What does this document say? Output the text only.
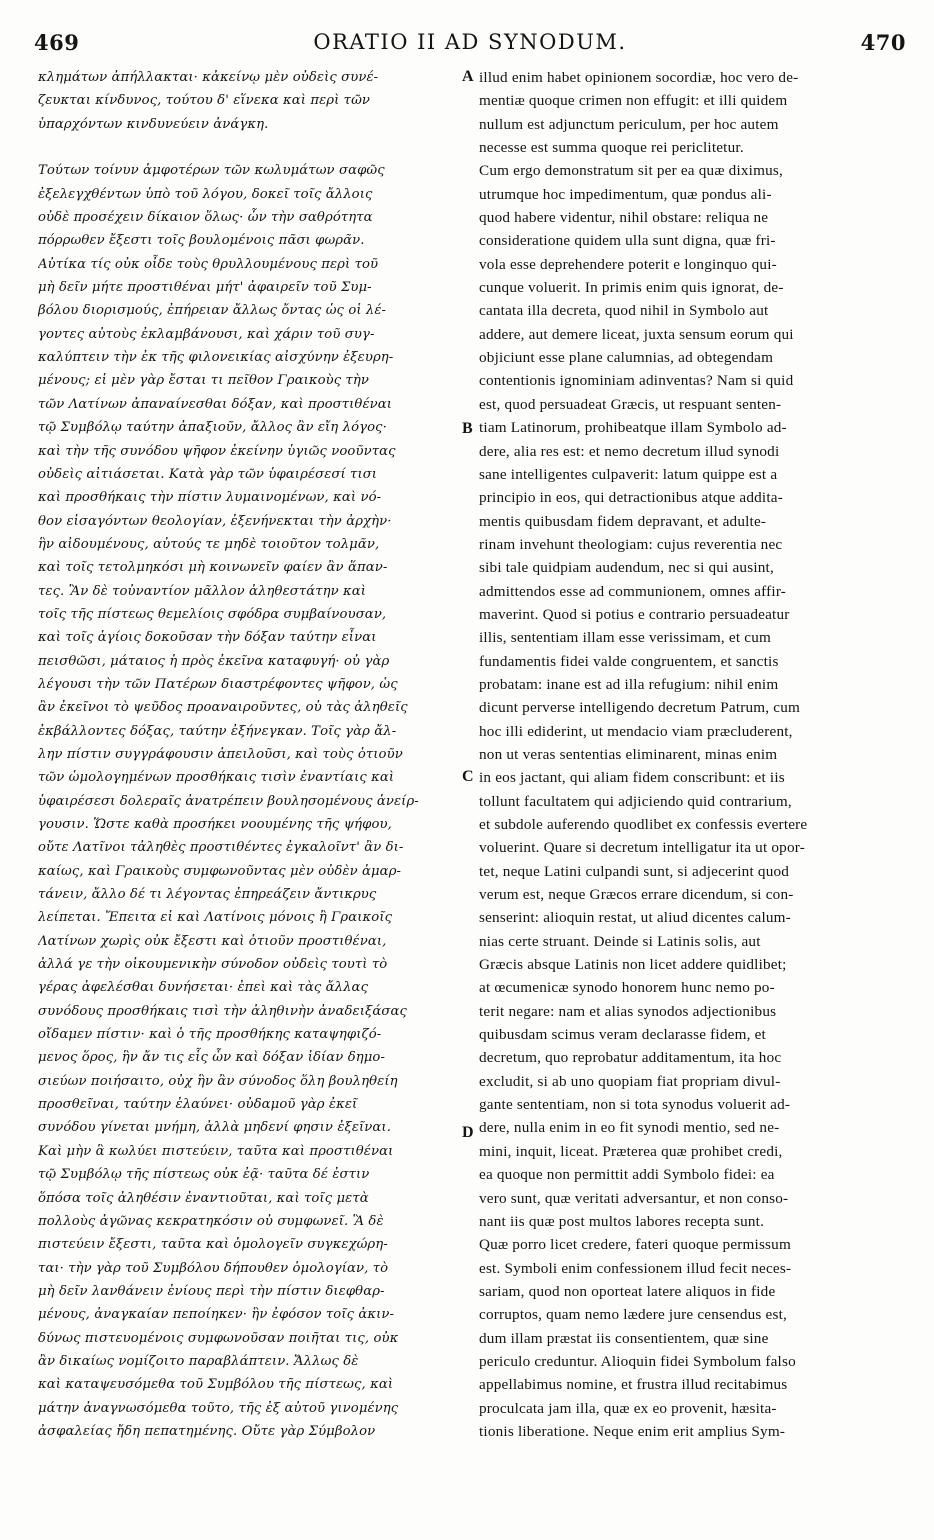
469	ORATIO II AD SYNODUM.	470
κλημάτων ἀπήλλακται· κἀκείνῳ μὲν οὐδεὶς συνέ-
ζευκται κίνδυνος, τούτου δ' εἵνεκα καὶ περὶ τῶν
ὑπαρχόντων κινδυνεύειν ἀνάγκη.
Τούτων τοίνυν ἀμφοτέρων τῶν κωλυμάτων σαφῶς
ἐξελεγχθέντων ὑπὸ τοῦ λόγου, δοκεῖ τοῖς ἄλλοις
οὐδὲ προσέχειν δίκαιον ὅλως· ὧν τὴν σαθρότητα
πόρρωθεν ἔξεστι τοῖς βουλομένοις πᾶσι φωρᾶν.
Αὐτίκα τίς οὐκ οἶδε τοὺς θρυλλουμένους περὶ τοῦ
μὴ δεῖν μήτε προστιθέναι μήτ' ἀφαιρεῖν τοῦ Συμ-
βόλου διορισμούς, ἐπήρειαν ἄλλως ὄντας ὡς οἱ λέ-
γοντες αὐτοὺς ἐκλαμβάνουσι, καὶ χάριν τοῦ συγ-
καλύπτειν τὴν ἐκ τῆς φιλονεικίας αἰσχύνην ἐξευρη-
μένους; εἰ μὲν γὰρ ἔσται τι πεῖθον Γραικοὺς τὴν
τῶν Λατίνων ἀπαναίνεσθαι δόξαν, καὶ προστιθέναι
τῷ Συμβόλῳ ταύτην ἀπαξιοῦν, ἄλλος ἂν εἴη λόγος·
καὶ τὴν τῆς συνόδου ψῆφον ἐκείνην ὑγιῶς νοοῦντας
οὐδεὶς αἰτιάσεται. Κατὰ γὰρ τῶν ὑφαιρέσεσί τισι
καὶ προσθήκαις τὴν πίστιν λυμαινομένων, καὶ νό-
θον εἰσαγόντων θεολογίαν, ἐξενήνεκται τὴν ἀρχὴν·
ἣν αἰδουμένους, αὐτούς τε μηδὲ τοιοῦτον τολμᾶν,
καὶ τοῖς τετολμηκόσι μὴ κοινωνεῖν φαίεν ἂν ἅπαν-
τες. Ἂν δὲ τοὐναντίον μᾶλλον ἀληθεστάτην καὶ
τοῖς τῆς πίστεως θεμελίοις σφόδρα συμβαίνουσαν,
καὶ τοῖς ἁγίοις δοκοῦσαν τὴν δόξαν ταύτην εἶναι
πεισθῶσι, μάταιος ἡ πρὸς ἐκεῖνα καταφυγή· οὐ γὰρ
λέγουσι τὴν τῶν Πατέρων διαστρέφοντες ψῆφον, ὡς
ἂν ἐκεῖνοι τὸ ψεῦδος προαναιροῦντες, οὐ τὰς ἀληθεῖς
ἐκβάλλοντες δόξας, ταύτην ἐξήνεγκαν. Τοῖς γὰρ ἄλ-
λην πίστιν συγγράφουσιν ἀπειλοῦσι, καὶ τοὺς ὁτιοῦν
τῶν ὡμολογημένων προσθήκαις τισὶν ἐναντίαις καὶ
ὑφαιρέσεσι δολεραῖς ἀνατρέπειν βουλησομένους ἀνείρ-
γουσιν. Ὥστε καθὰ προσήκει νοουμένης τῆς ψήφου,
οὔτε Λατῖνοι τἀληθὲς προστιθέντες ἐγκαλοῖντ' ἂν δι-
καίως, καὶ Γραικοὺς συμφωνοῦντας μὲν οὐδὲν ἁμαρ-
τάνειν, ἄλλο δέ τι λέγοντας ἐπηρεάζειν ἄντικρυς
λείπεται. Ἔπειτα εἰ καὶ Λατίνοις μόνοις ἢ Γραικοῖς
Λατίνων χωρὶς οὐκ ἔξεστι καὶ ὁτιοῦν προστιθέναι,
ἀλλά γε τὴν οἰκουμενικὴν σύνοδον οὐδεὶς τουτὶ τὸ
γέρας ἀφελέσθαι δυνήσεται· ἐπεὶ καὶ τὰς ἄλλας
συνόδους προσθήκαις τισὶ τὴν ἀληθινὴν ἀναδειξάσας
οἴδαμεν πίστιν· καὶ ὁ τῆς προσθήκης καταψηφιζό-
μενος ὅρος, ἣν ἄν τις εἷς ὧν καὶ δόξαν ἰδίαν δημο-
σιεύων ποιήσαιτο, οὐχ ἣν ἂν σύνοδος ὅλη βουληθείη
προσθεῖναι, ταύτην ἐλαύνει· οὐδαμοῦ γὰρ ἐκεῖ
συνόδου γίνεται μνήμη, ἀλλὰ μηδενί φησιν ἐξεῖναι.
Καὶ μὴν ἃ κωλύει πιστεύειν, ταῦτα καὶ προστιθέναι
τῷ Συμβόλῳ τῆς πίστεως οὐκ ἐᾷ· ταῦτα δέ ἐστιν
ὅπόσα τοῖς ἀληθέσιν ἐναντιοῦται, καὶ τοῖς μετὰ
πολλοὺς ἀγῶνας κεκρατηκόσιν οὐ συμφωνεῖ. Ἃ δὲ
πιστεύειν ἔξεστι, ταῦτα καὶ ὁμολογεῖν συγκεχώρη-
ται· τὴν γὰρ τοῦ Συμβόλου δήπουθεν ὁμολογίαν, τὸ
μὴ δεῖν λανθάνειν ἐνίους περὶ τὴν πίστιν διεφθαρ-
μένους, ἀναγκαίαν πεποίηκεν· ἣν ἐφόσον τοῖς ἀκιν-
δύνως πιστευομένοις συμφωνοῦσαν ποιῆται τις, οὐκ
ἂν δικαίως νομίζοιτο παραβλάπτειν. Ἄλλως δὲ
καὶ καταψευσόμεθα τοῦ Συμβόλου τῆς πίστεως, καὶ
μάτην ἀναγνωσόμεθα τοῦτο, τῆς ἐξ αὐτοῦ γινομένης
ἀσφαλείας ἤδη πεπατημένης. Οὔτε γὰρ Σύμβολον
A
B
C
D
illud enim habet opinionem socordiæ, hoc vero de-
mentiæ quoque crimen non effugit: et illi quidem
nullum est adjunctum periculum, per hoc autem
necesse est summa quoque rei periclitetur.
Cum ergo demonstratum sit per ea quæ diximus,
utrumque hoc impedimentum, quæ pondus ali-
quod habere videntur, nihil obstare: reliqua ne
consideratione quidem ulla sunt digna, quæ fri-
vola esse deprehendere poterit e longinquo qui-
cunque voluerit. In primis enim quis ignorat, de-
cantata illa decreta, quod nihil in Symbolo aut
addere, aut demere liceat, juxta sensum eorum qui
objiciunt esse plane calumnias, ad obtegendam
contentionis ignominiam adinventas? Nam si quid
est, quod persuadeat Græcis, ut respuant senten-
tiam Latinorum, prohibeatque illam Symbolo ad-
dere, alia res est: et nemo decretum illud synodi
sane intelligentes culpaverit: latum quippe est a
principio in eos, qui detractionibus atque addita-
mentis quibusdam fidem depravant, et adulte-
rinam invehunt theologiam: cujus reverentia nec
sibi tale quidpiam audendum, nec si qui ausint,
admittendos esse ad communionem, omnes affir-
maverint. Quod si potius e contrario persuadeatur
illis, sententiam illam esse verissimam, et cum
fundamentis fidei valde congruentem, et sanctis
probatam: inane est ad illa refugium: nihil enim
dicunt perverse intelligendo decretum Patrum, cum
hoc illi ediderint, ut mendacio viam præcluderent,
non ut veras sententias eliminarent, minas enim
in eos jactant, qui aliam fidem conscribunt: et iis
tollunt facultatem qui adjiciendo quid contrarium,
et subdole auferendo quodlibet ex confessis evertere
voluerint. Quare si decretum intelligatur ita ut opor-
tet, neque Latini culpandi sunt, si adjecerint quod
verum est, neque Græcos errare dicendum, si con-
senserint: alioquin restat, ut aliud dicentes calum-
nias certe struant. Deinde si Latinis solis, aut
Græcis absque Latinis non licet addere quidlibet;
at œcumenicæ synodo honorem hunc nemo po-
terit negare: nam et alias synodos adjectionibus
quibusdam scimus veram declarasse fidem, et
decretum, quo reprobatur additamentum, ita hoc
excludit, si ab uno quopiam fiat propriam divul-
gante sententiam, non si tota synodus voluerit ad-
dere, nulla enim in eo fit synodi mentio, sed ne-
mini, inquit, liceat. Præterea quæ prohibet credi,
ea quoque non permittit addi Symbolo fidei: ea
vero sunt, quæ veritati adversantur, et non conso-
nant iis quæ post multos labores recepta sunt.
Quæ porro licet credere, fateri quoque permissum
est. Symboli enim confessionem illud fecit neces-
sariam, quod non oporteat latere aliquos in fide
corruptos, quam nemo lædere jure censendus est,
dum illam præstat iis consentientem, quæ sine
periculo creduntur. Alioquin fidei Symbolum falso
appellabimus nomine, et frustra illud recitabimus
proculcata jam illa, quæ ex eo provenit, hæsita-
tionis liberatione. Neque enim erit amplius Sym-
